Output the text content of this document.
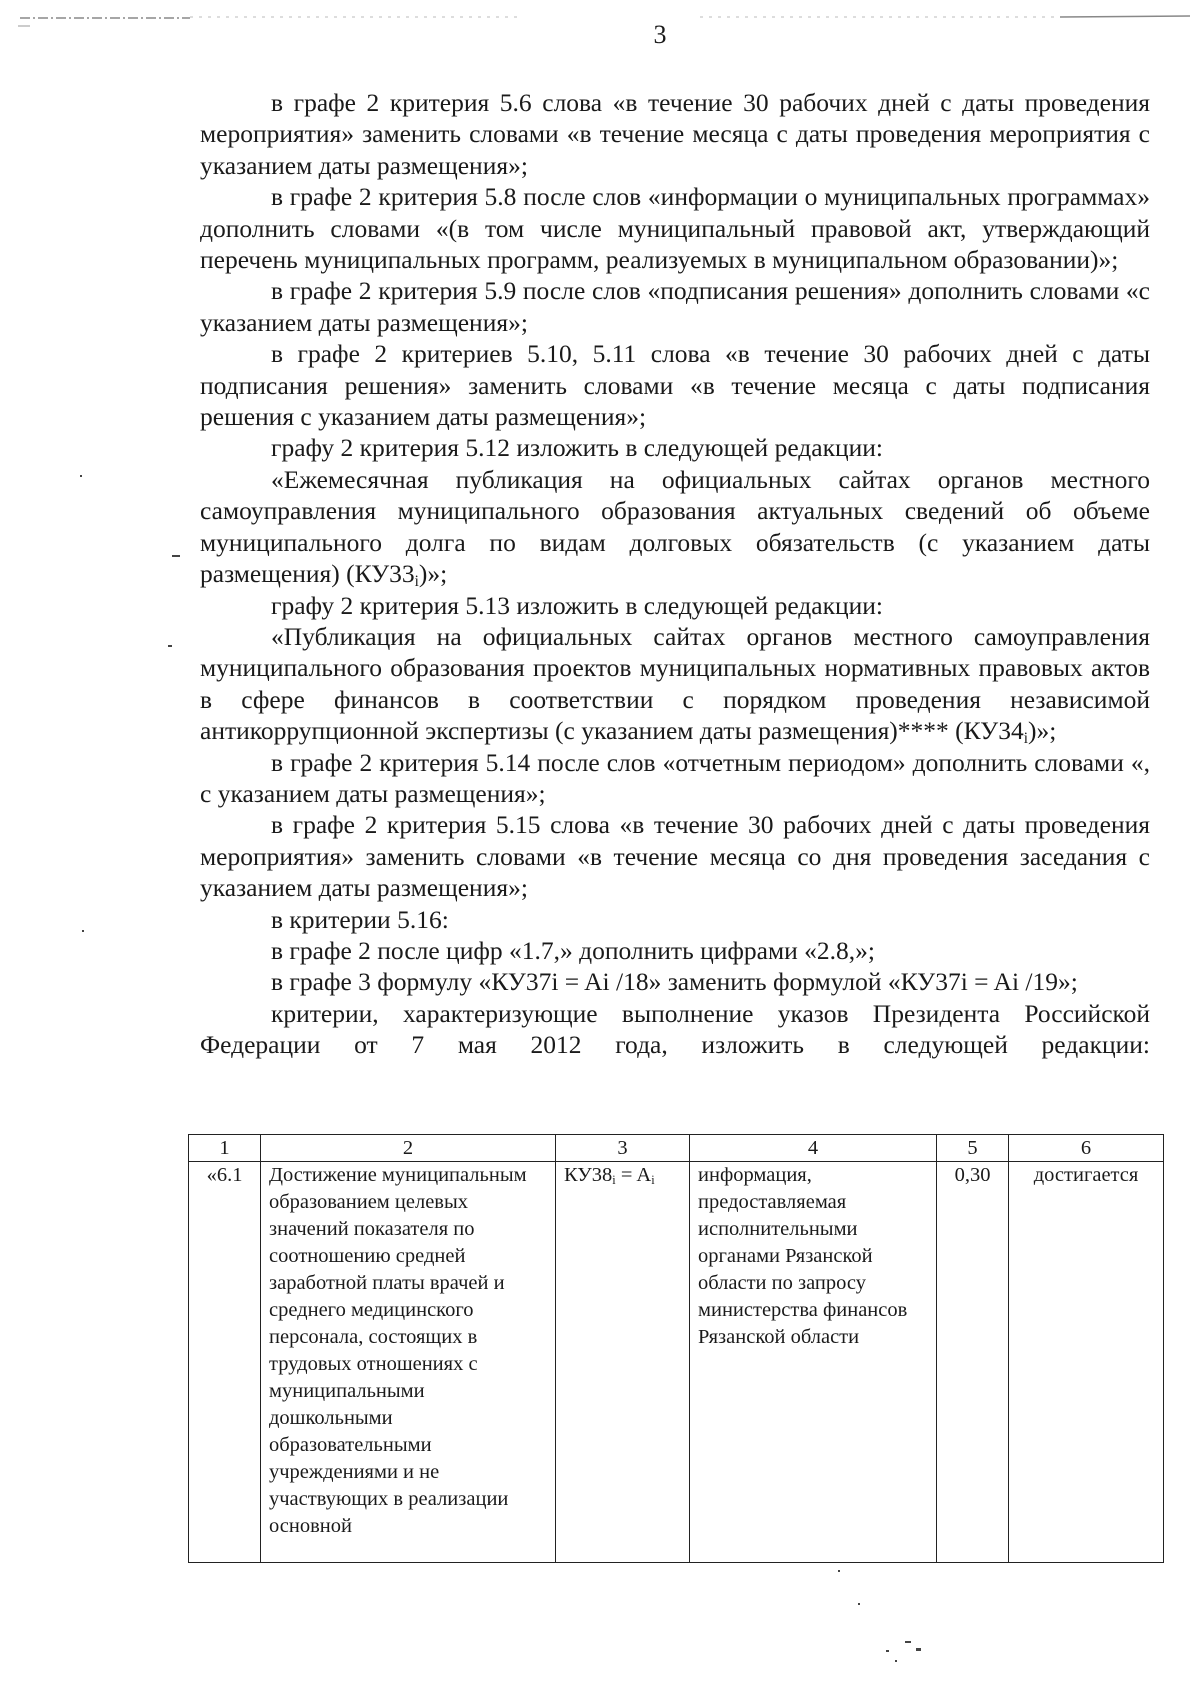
3

в графе 2 критерия 5.6 слова «в течение 30 рабочих дней с даты проведения мероприятия» заменить словами «в течение месяца с даты проведения мероприятия с указанием даты размещения»;

в графе 2 критерия 5.8 после слов «информации о муниципальных программах» дополнить словами «(в том числе муниципальный правовой акт, утверждающий перечень муниципальных программ, реализуемых в муниципальном образовании)»;

в графе 2 критерия 5.9 после слов «подписания решения» дополнить словами «с указанием даты размещения»;

в графе 2 критериев 5.10, 5.11 слова «в течение 30 рабочих дней с даты подписания решения» заменить словами «в течение месяца с даты подписания решения с указанием даты размещения»;

графу 2 критерия 5.12 изложить в следующей редакции:

«Ежемесячная публикация на официальных сайтах органов местного самоуправления муниципального образования актуальных сведений об объеме муниципального долга по видам долговых обязательств (с указанием даты размещения) $(КУ33_i)$»;

графу 2 критерия 5.13 изложить в следующей редакции:

«Публикация на официальных сайтах органов местного самоуправления муниципального образования проектов муниципальных нормативных правовых актов в сфере финансов в соответствии с порядком проведения независимой антикоррупционной экспертизы (с указанием даты размещения)**** $(КУ34_i)$»;

в графе 2 критерия 5.14 после слов «отчетным периодом» дополнить словами «, с указанием даты размещения»;

в графе 2 критерия 5.15 слова «в течение 30 рабочих дней с даты проведения мероприятия» заменить словами «в течение месяца со дня проведения заседания с указанием даты размещения»;

в критерии 5.16:

в графе 2 после цифр «1.7,» дополнить цифрами «2.8,»;

в графе 3 формулу «КУ37i = Ai /18» заменить формулой «КУ37i = Ai /19»;

критерии, характеризующие выполнение указов Президента Российской Федерации от 7 мая 2012 года, изложить в следующей редакции:

1	2	3	4	5	6
«6.1	Достижение муниципальным образованием целевых значений показателя по соотношению средней заработной платы врачей и среднего медицинского персонала, состоящих в трудовых отношениях с муниципальными дошкольными образовательными учреждениями и не участвующих в реализации основной	$КУ38_i = A_i$	информация, предоставляемая исполнительными органами Рязанской области по запросу министерства финансов Рязанской области	0,30	достигается
